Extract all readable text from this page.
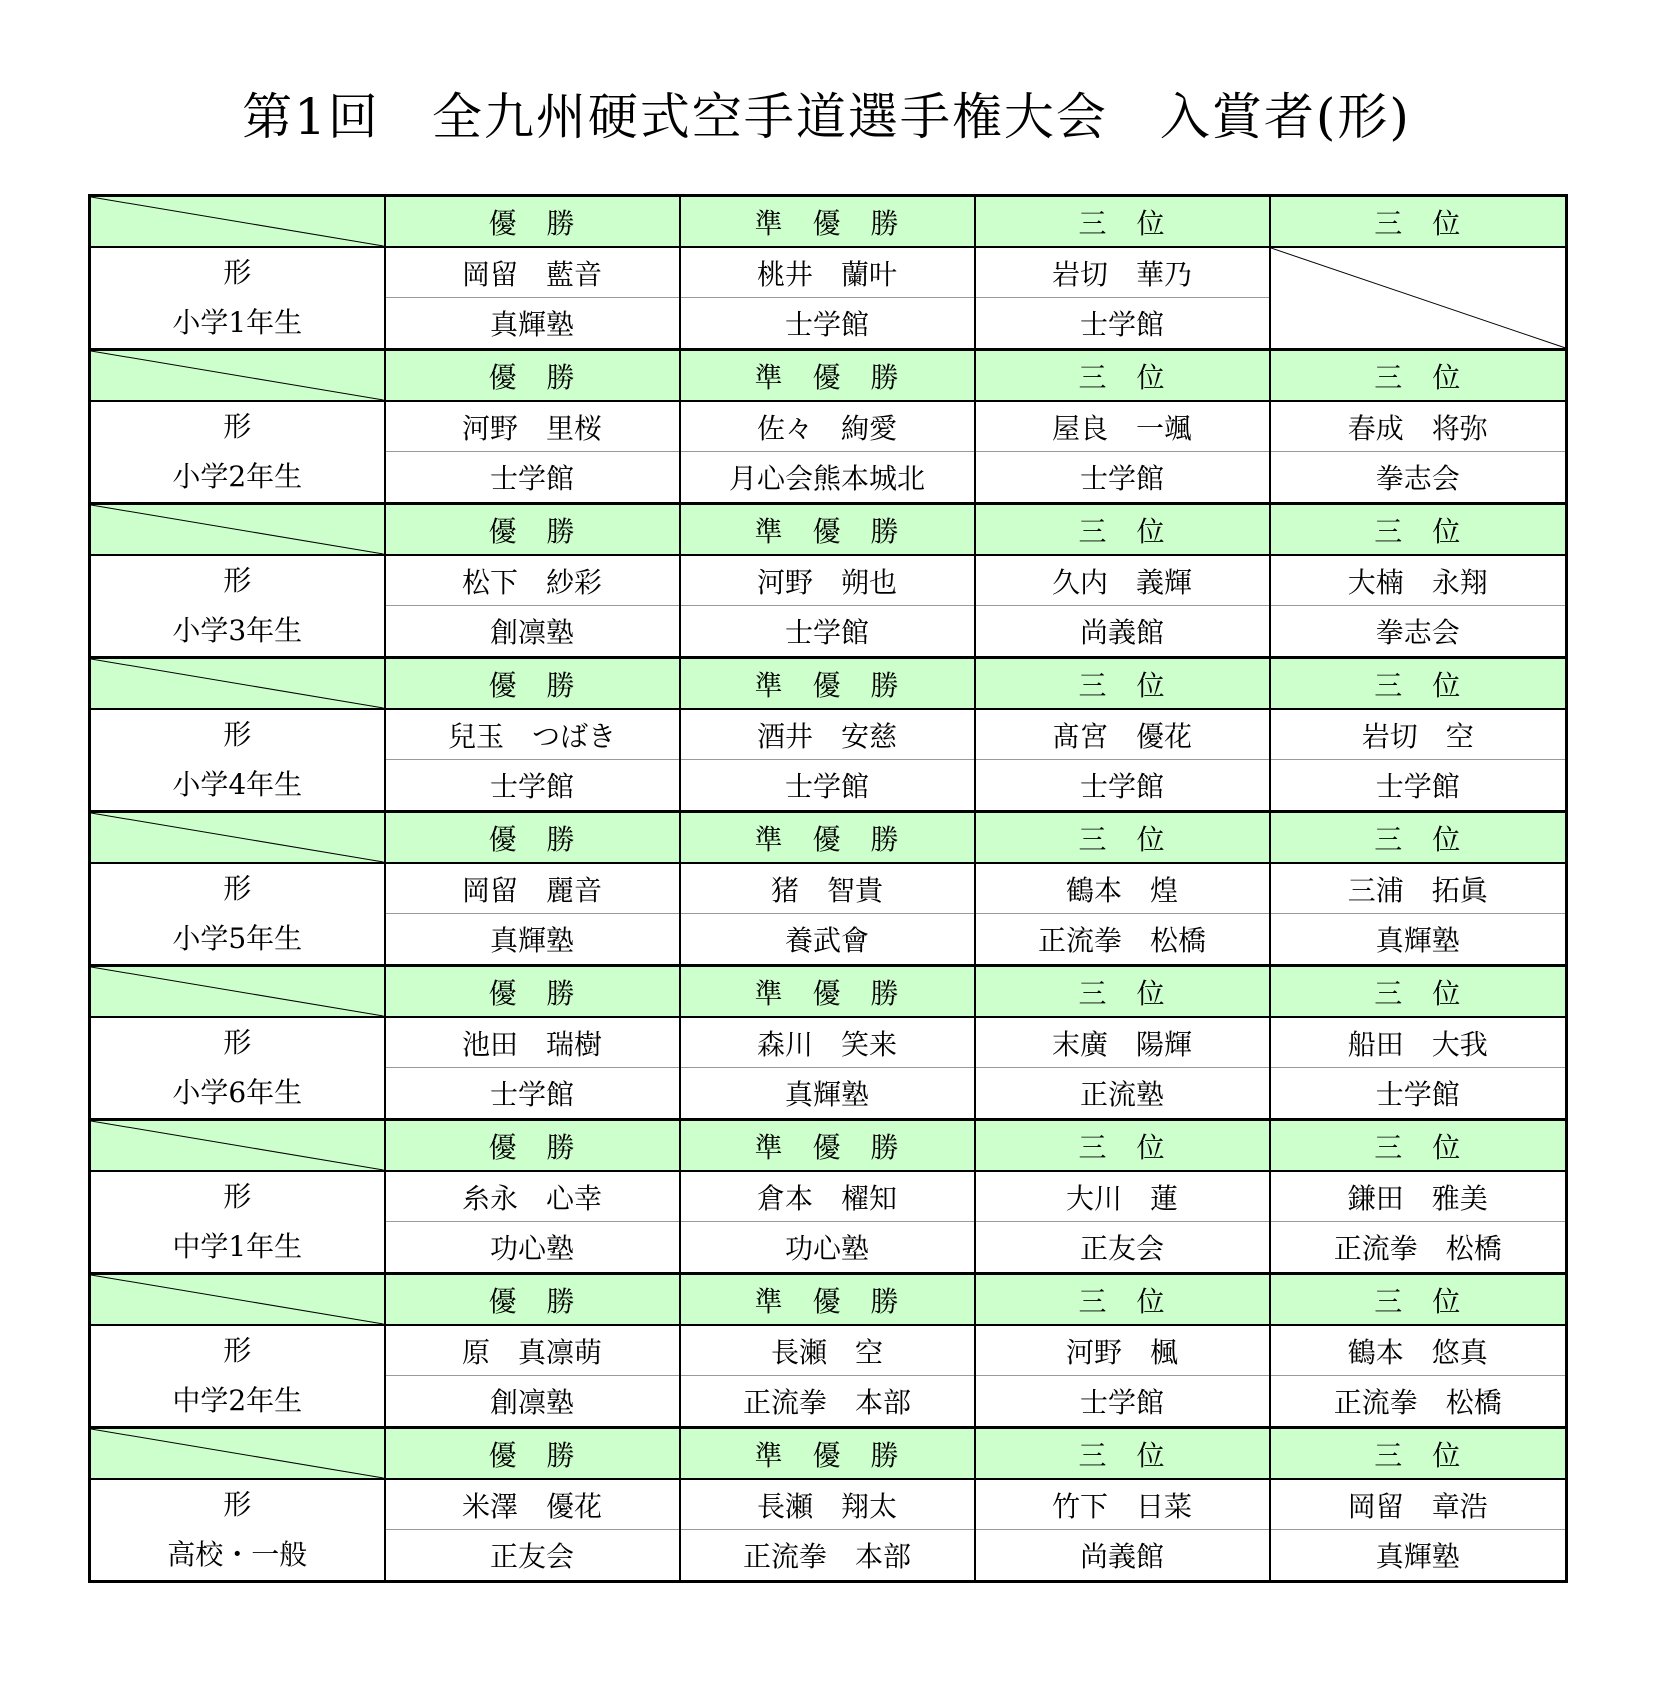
第1回　全九州硬式空手道選手権大会　入賞者(形)
	優　勝	準　優　勝	三　位	三　位

形
小学1年生	岡留　藍音	桃井　蘭叶	岩切　華乃	

	真輝塾	士学館	士学館	

	優　勝	準　優　勝	三　位	三　位

形
小学2年生	河野　里桜	佐々　絢愛	屋良　一颯	春成　将弥
	士学館	月心会熊本城北	士学館	拳志会

	優　勝	準　優　勝	三　位	三　位

形
小学3年生	松下　紗彩	河野　朔也	久内　義輝	大楠　永翔
	創凛塾	士学館	尚義館	拳志会

	優　勝	準　優　勝	三　位	三　位

形
小学4年生	兒玉　つばき	酒井　安慈	髙宮　優花	岩切　空
	士学館	士学館	士学館	士学館

	優　勝	準　優　勝	三　位	三　位

形
小学5年生	岡留　麗音	猪　智貴	鶴本　煌	三浦　拓眞
	真輝塾	養武會	正流拳　松橋	真輝塾

	優　勝	準　優　勝	三　位	三　位

形
小学6年生	池田　瑞樹	森川　笑来	末廣　陽輝	船田　大我
	士学館	真輝塾	正流塾	士学館

	優　勝	準　優　勝	三　位	三　位

形
中学1年生	糸永　心幸	倉本　櫂知	大川　蓮	鎌田　雅美
	功心塾	功心塾	正友会	正流拳　松橋

	優　勝	準　優　勝	三　位	三　位

形
中学2年生	原　真凛萌	長瀬　空	河野　楓	鶴本　悠真
	創凛塾	正流拳　本部	士学館	正流拳　松橋

	優　勝	準　優　勝	三　位	三　位

形
高校・一般	米澤　優花	長瀬　翔太	竹下　日菜	岡留　章浩
	正友会	正流拳　本部	尚義館	真輝塾
